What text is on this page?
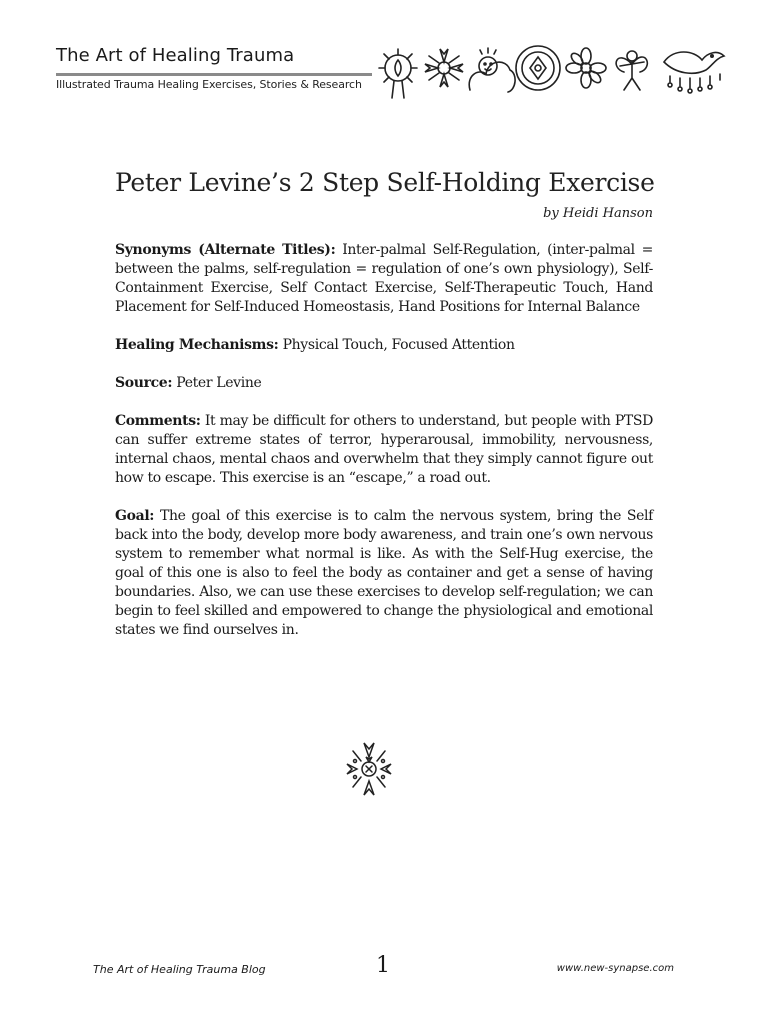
The Art of Healing Trauma
Illustrated Trauma Healing Exercises, Stories & Research
Peter Levine’s 2 Step Self-Holding Exercise
by Heidi Hanson

Synonyms (Alternate Titles): Inter-palmal Self-Regulation, (inter-palmal = between the palms, self-regulation = regulation of one’s own physiology), Self-Containment Exercise, Self Contact Exercise, Self-Therapeutic Touch, Hand Placement for Self-Induced Homeostasis, Hand Positions for Internal Balance

Healing Mechanisms: Physical Touch, Focused Attention

Source: Peter Levine

Comments: It may be difficult for others to understand, but people with PTSD can suffer extreme states of terror, hyperarousal, immobility, nervousness, internal chaos, mental chaos and overwhelm that they simply cannot figure out how to escape. This exercise is an “escape,” a road out.

Goal: The goal of this exercise is to calm the nervous system, bring the Self back into the body, develop more body awareness, and train one’s own nervous system to remember what normal is like. As with the Self-Hug exercise, the goal of this one is also to feel the body as container and get a sense of having boundaries. Also, we can use these exercises to develop self-regulation; we can begin to feel skilled and empowered to change the physiological and emotional states we find ourselves in.

The Art of Healing Trauma Blog	1	www.new-synapse.com
